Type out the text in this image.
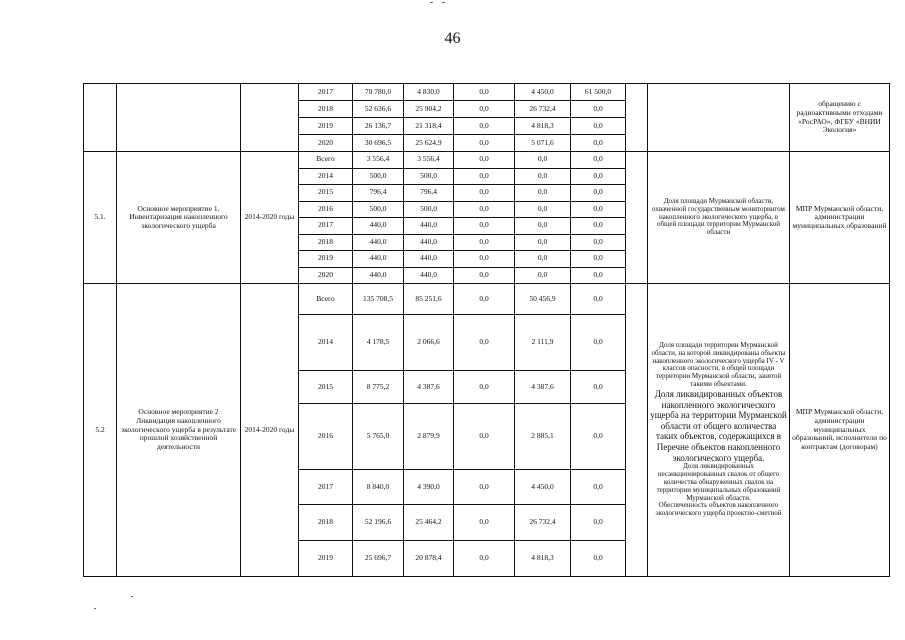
46
			2017	70 780,0	4 830,0	0,0	4 450,0	61 500,0			обращению с радиоактивными отходами «РосРАО», ФГБУ «ВНИИ Экология»
			2018	52 636,6	25 904,2	0,0	26 732,4	0,0			
			2019	26 136,7	21 318,4	0,0	4 818,3	0,0			
			2020	30 696,5	25 624,9	0,0	5 071,6	0,0			
5.1.	Основное мероприятие 1. Инвентаризация накопленного экологического ущерба	2014-2020 годы	Всего	3 556,4	3 556,4	0,0	0,0	0,0		Доля площади Мурманской области, охваченной государственным мониторингом накопленного экологического ущерба, в общей площади территории Мурманской области	МПР Мурманской области, администрации муниципальных образований
			2014	500,0	500,0	0,0	0,0	0,0			
			2015	796,4	796,4	0,0	0,0	0,0			
			2016	500,0	500,0	0,0	0,0	0,0			
			2017	440,0	440,0	0,0	0,0	0,0			
			2018	440,0	440,0	0,0	0,0	0,0			
			2019	440,0	440,0	0,0	0,0	0,0			
			2020	440,0	440,0	0,0	0,0	0,0			
5.2	Основное мероприятие 2 Ликвидация накопленного экологического ущерба в результате прошлой хозяйственной деятельности	2014-2020 годы	Всего	135 708,5	85 251,6	0,0	50 456,9	0,0		Доля площади территории Мурманской области, на которой ликвидированы объекты накопленного экологического ущерба IV - V классов опасности, в общей площади территории Мурманской области, занятой такими объектами.
Доля ликвидированных объектов накопленного экологического ущерба на территории Мурманской области от общего количества таких объектов, содержащихся в Перечне объектов накопленного экологического ущерба.
Доля ликвидированных несанкционированных свалок от общего количества обнаруженных свалок на территории муниципальных образований Мурманской области.
Обеспеченность объектов накопленного экологического ущерба проектно-сметной	МПР Мурманской области, администрации муниципальных образований, исполнители по контрактам (договорам)
			2014	4 178,5	2 066,6	0,0	2 111,9	0,0			
			2015	8 775,2	4 387,6	0,0	4 387,6	0,0			
			2016	5 765,0	2 879,9	0,0	2 885,1	0,0			
			2017	8 840,0	4 390,0	0,0	4 450,0	0,0			
			2018	52 196,6	25 464,2	0,0	26 732,4	0,0			
			2019	25 696,7	20 878,4	0,0	4 818,3	0,0			
